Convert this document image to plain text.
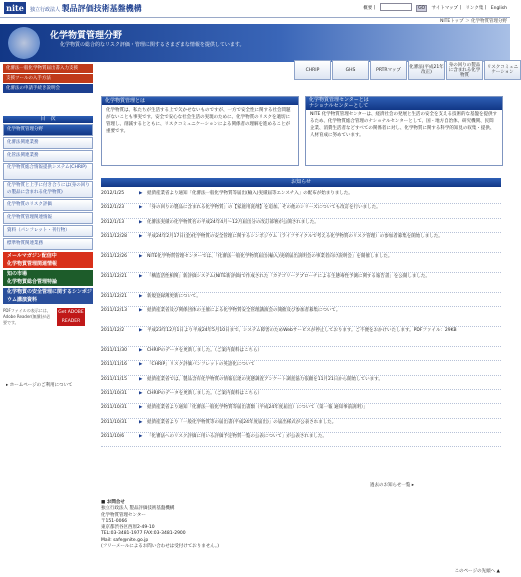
nite	独立行政法人 製品評価技術基盤機構	概要 |	GO サイトマップ | リンク集 | English
NITEトップ ＞ 化学物質管理分野
化学物質管理分野
化学物質の総合的なリスク評価・管理に関するさまざまな情報を提供しています。
CHRIP	GHS	PRTRマップ	化審法(平成21年改正)
身の回りの製品に含まれる化学物質
リスクコミュニケーション
化審法一般化学物質届出書入力支援
支援ツールの入手方法
化審法の申請手続き説明会
目　次
化学物質管理分野
化審法関連業務
化管法関連業務
化学物質総合情報提供システム(CHRIP)
化学物質と上手に付き合うには(身の回りの製品に含まれる化学物質)
化学物質のリスク評価
化学物質管理関連情報
資料（パンフレット・刊行物）
標準物質関連業務
メールマガジン配信中
化学物質管理関連情報
知の市場
化学物質総合管理特論
化学物質の安全管理に関するシンポジウム講演資料
PDFファイルの表示には、Adobe Reader(無償)が必要です。
Get ADOBE READER
▸ ホームページのご利用について
化学物質管理とは
化学物質は、私たちが生活する上で欠かせないものですが、一方で安全性に関する社会問題がないことも事実です。安全で安心な社会生活の実現のために、化学物質のリスクを適切に管理し、削減するとともに、リスクコミュニケーションによる関係者の理解を進めることが重要です。
化学物質管理センターとは
ナショナルセンターとして
NITE 化学物質管理センターは、経済社会の発展と生活の安全を支える技術的な基盤を提供するため、化学物質総合管理のナショナルセンターとして、国・地方自治体、研究機関、民間企業、消費生活者などすべての関係者に対し、化学物質に関する科学的知見の収集・提供、人材育成に努めています。
お知らせ
2012/1/25	▶	経済産業省より通知「化審法一般化学物質等届出(輸入)実績届等エンスチ入」の配布が始まりました。
2012/1/23	▶	「身の回りの製品に含まれる化学物質」の【家庭用洗剤】を追加。その他のシリーズについても改訂を行いました。
2012/1/13	▶	化審法実績の化学物質名の平成24年4月〜12月届出分の改訂部署が公開されました。
2011/12/28	▶	平成24年2月17日(金)化学物質の安全管理に関するシンポジウム（ライフサイクルで考える化学物質のリスク管理）の参加者募集を開始しました。
2011/12/26	▶	NITE化学物質管理センターでは、「化審法一般化学物質届出(輸入)実績届出説明会の事業者向け説明会」を開催しました。
2011/12/21	▶	「構造活性相関」新評価システム(NITE新評価)で作成された「カテゴリーアプローチによる生態毒性予測に関する報告書」を公開しました。
2011/12/21	▶	新規登録簿更新について。
2011/12/13	▶	経済産業省及び関係団体の主催による化学物質安全管理講演会の開催及び参加者募集について。
2011/12/2	▶	平成23年12月1日より平成24年5月10日まで、システム障害のためWebサービスが停止しております。ご不便をおかけいたします。PDFファイル：29KB
2011/11/30	▶	CHRIPのデータを更新しました。（ご案内資料はこちら）
2011/11/16	▶	「CHRIP」リスク評価パンフレットの英語化について
2011/11/15	▶	経済産業省では、製品含有化学物質の情報伝達の実態調査アンケート調査協力依頼を11月21日から開始しています。
2011/10/31	▶	CHRIPのデータを更新しました。（ご案内資料はこちら）
2011/10/31	▶	経済産業省より通知「化審法一般化学物質等届出書類（平成24年度届出）について（第一報 通知事前説明）」
2011/10/31	▶	経済産業省より「一般化学物質等の届出書(平成24年度届出)」の届出様式が公表されました。
2011/10/6	▶	「化審法へのリスク評価に用いる評価予定物質一覧の公表について」が公表されました。
過去のお知らせ一覧 ▸
■ お問合せ
独立行政法人 製品評価技術基盤機構
化学物質管理センター
〒151-0066
東京都渋谷区西原2-49-10
TEL:03-3481-1977 FAX:03-3481-2900
Mail: safe@nite.go.jp
(フリーメールによるお問い合わせは受付けておりません。)
このページの先頭へ ▲
